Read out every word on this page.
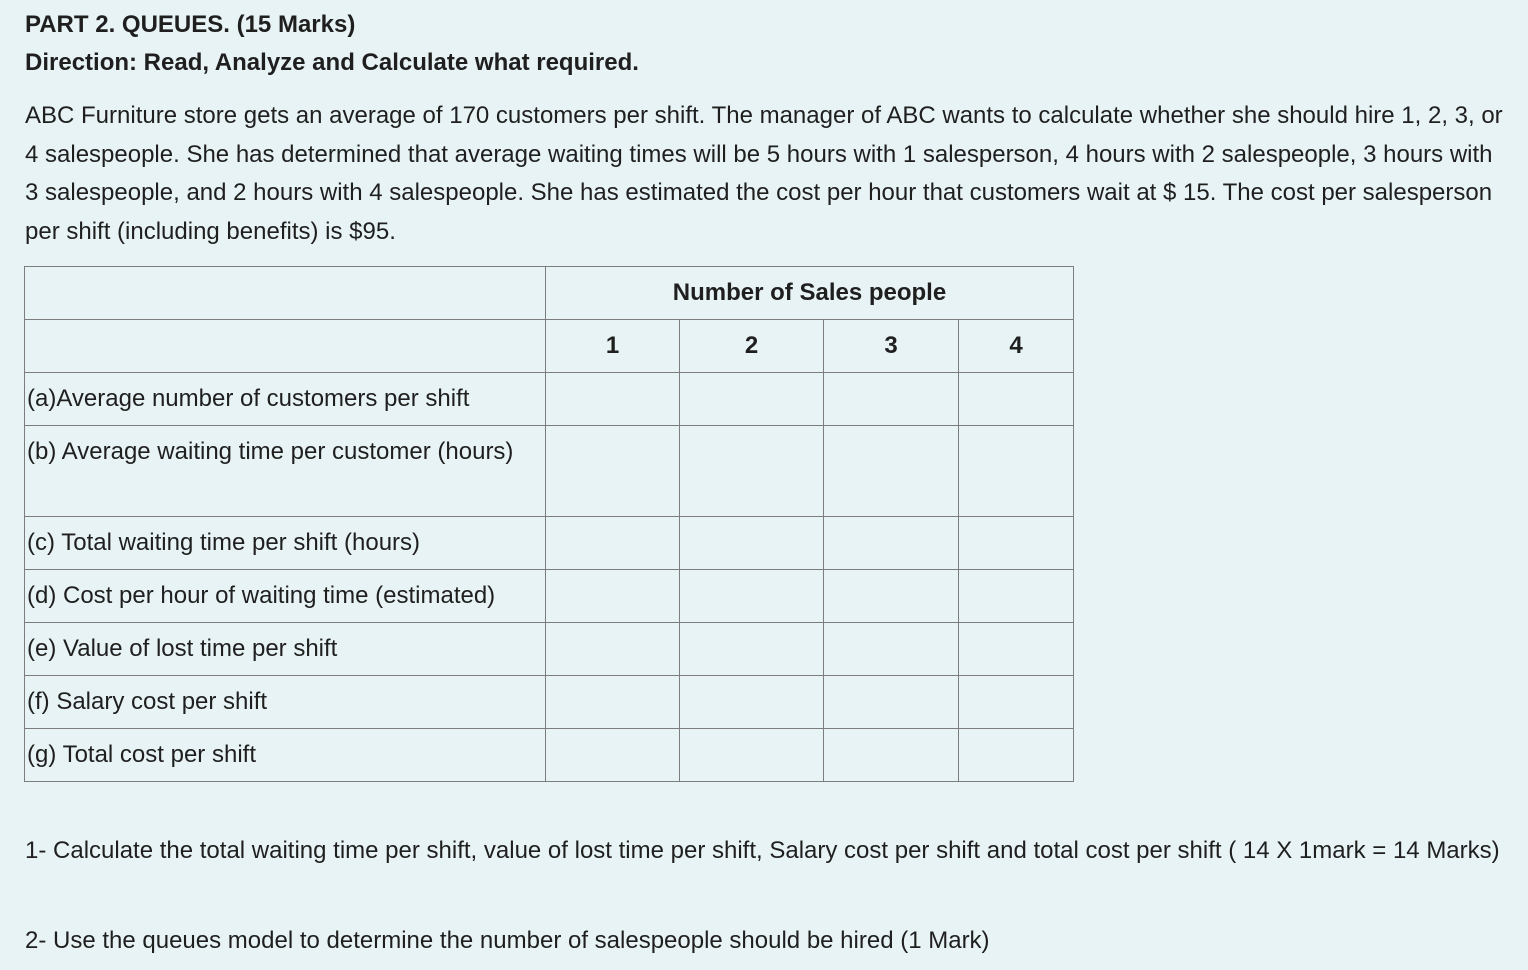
PART 2. QUEUES. (15 Marks)

Direction: Read, Analyze and Calculate what required.

ABC Furniture store gets an average of 170 customers per shift. The manager of ABC wants to calculate whether she should hire 1, 2, 3, or 4 salespeople. She has determined that average waiting times will be 5 hours with 1 salesperson, 4 hours with 2 salespeople, 3 hours with 3 salespeople, and 2 hours with 4 salespeople. She has estimated the cost per hour that customers wait at $ 15. The cost per salesperson per shift (including benefits) is $95.

	Number of Sales people			
	1	2	3	4
(a)Average number of customers per shift				
(b) Average waiting time per customer (hours)				
(c) Total waiting time per shift (hours)				
(d) Cost per hour of waiting time (estimated)				
(e) Value of lost time per shift				
(f) Salary cost per shift				
(g) Total cost per shift				

1- Calculate the total waiting time per shift, value of lost time per shift, Salary cost per shift and total cost per shift ( 14 X 1mark = 14 Marks)

2- Use the queues model to determine the number of salespeople should be hired (1 Mark)
